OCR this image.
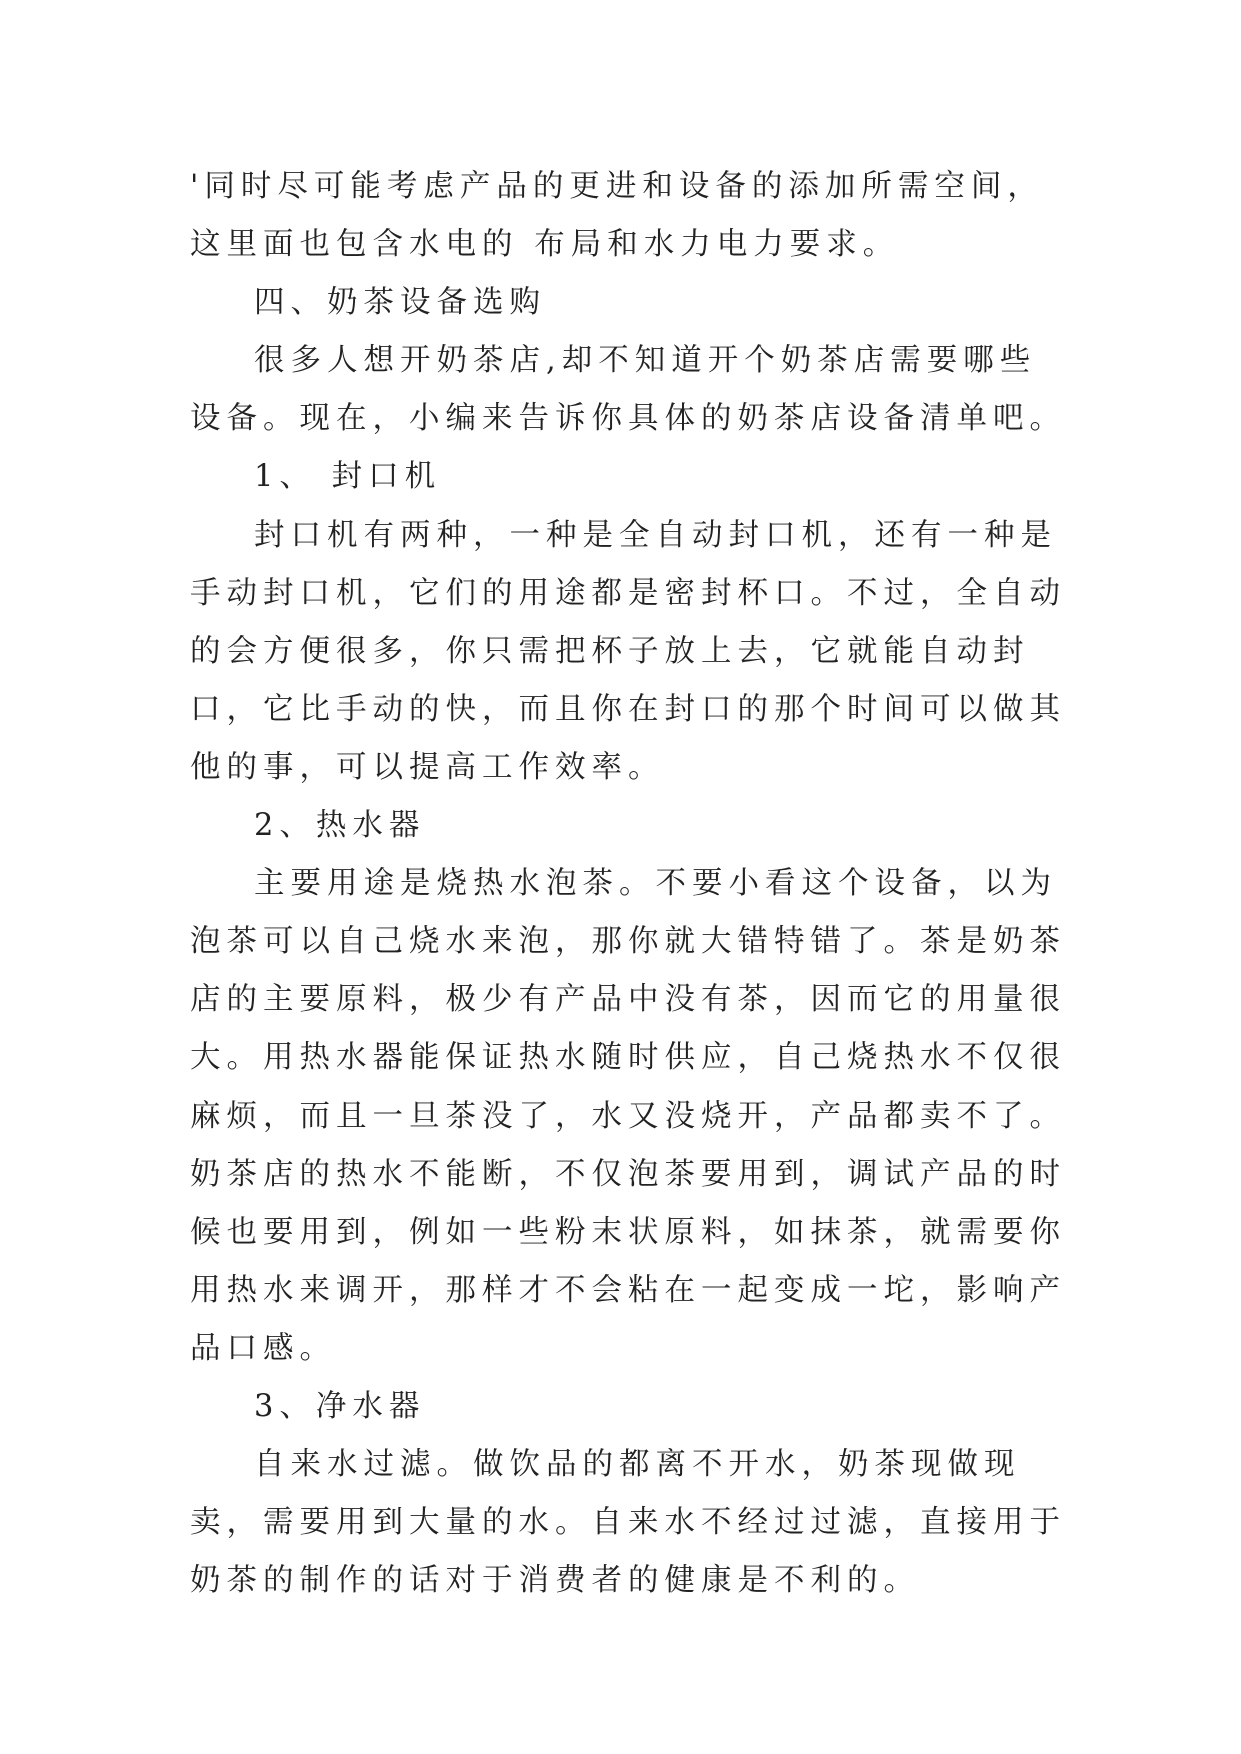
'同时尽可能考虑产品的更进和设备的添加所需空间，这里面也包含水电的 布局和水力电力要求。

四、奶茶设备选购

很多人想开奶茶店,却不知道开个奶茶店需要哪些设备。现在，小编来告诉你具体的奶茶店设备清单吧。

1、 封口机

封口机有两种，一种是全自动封口机，还有一种是手动封口机，它们的用途都是密封杯口。不过，全自动的会方便很多，你只需把杯子放上去，它就能自动封口，它比手动的快，而且你在封口的那个时间可以做其他的事，可以提高工作效率。

2、热水器

主要用途是烧热水泡茶。不要小看这个设备，以为泡茶可以自己烧水来泡，那你就大错特错了。茶是奶茶店的主要原料，极少有产品中没有茶，因而它的用量很大。用热水器能保证热水随时供应，自己烧热水不仅很麻烦，而且一旦茶没了，水又没烧开，产品都卖不了。奶茶店的热水不能断，不仅泡茶要用到，调试产品的时候也要用到，例如一些粉末状原料，如抹茶，就需要你用热水来调开，那样才不会粘在一起变成一坨，影响产品口感。

3、净水器

自来水过滤。做饮品的都离不开水，奶茶现做现卖，需要用到大量的水。自来水不经过过滤，直接用于奶茶的制作的话对于消费者的健康是不利的。
